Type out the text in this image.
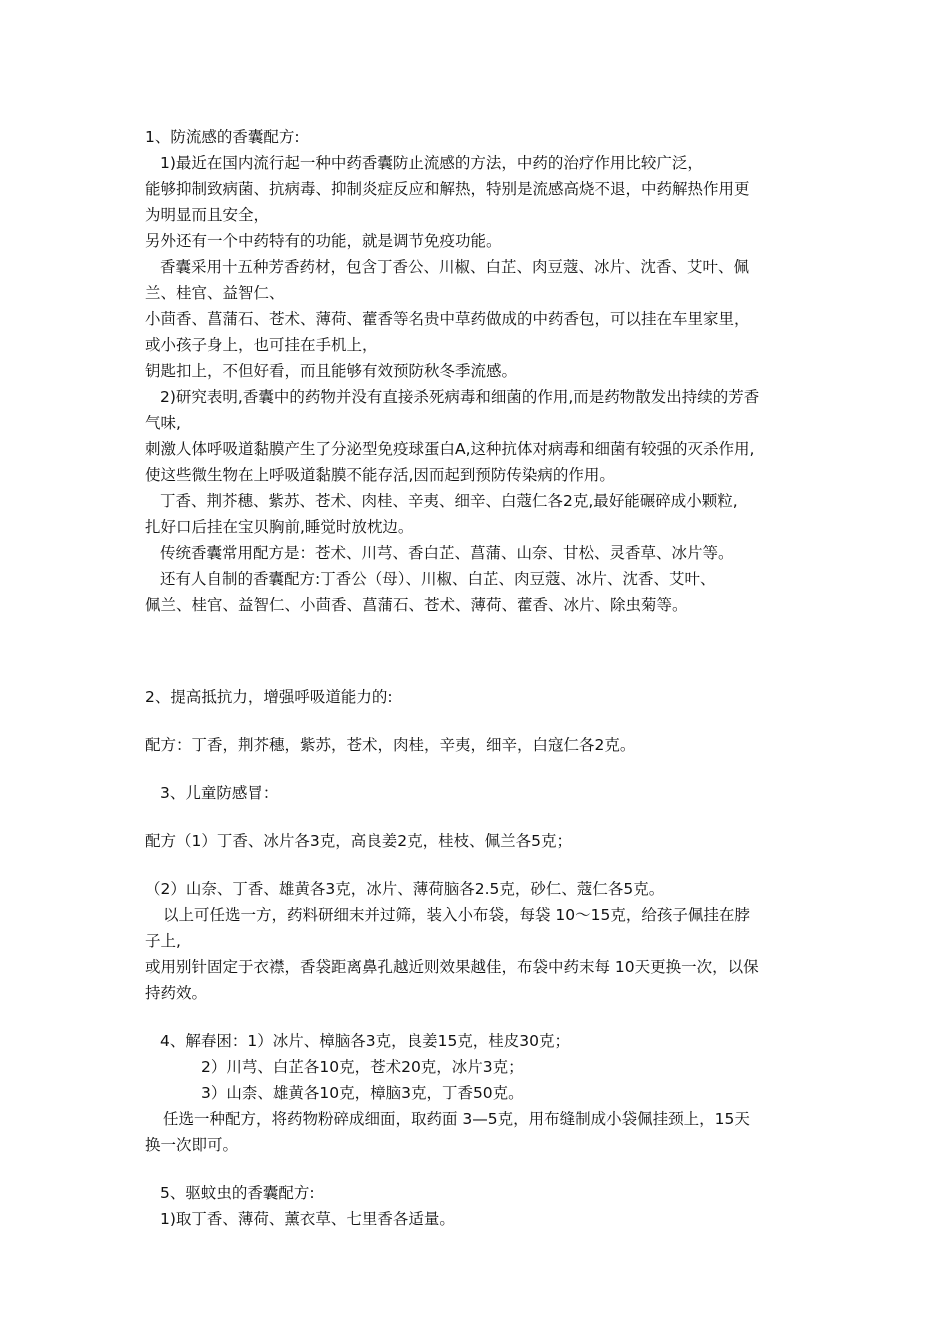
1、防流感的香囊配方:
1)最近在国内流行起一种中药香囊防止流感的方法，中药的治疗作用比较广泛，
能够抑制致病菌、抗病毒、抑制炎症反应和解热，特别是流感高烧不退，中药解热作用更
为明显而且安全，
另外还有一个中药特有的功能，就是调节免疫功能。
香囊采用十五种芳香药材，包含丁香公、川椒、白芷、肉豆蔻、冰片、沈香、艾叶、佩
兰、桂官、益智仁、
小茴香、菖蒲石、苍术、薄荷、藿香等名贵中草药做成的中药香包，可以挂在车里家里，
或小孩子身上，也可挂在手机上，
钥匙扣上，不但好看，而且能够有效预防秋冬季流感。
2)研究表明,香囊中的药物并没有直接杀死病毒和细菌的作用,而是药物散发出持续的芳香
气味,
刺激人体呼吸道黏膜产生了分泌型免疫球蛋白A,这种抗体对病毒和细菌有较强的灭杀作用,
使这些微生物在上呼吸道黏膜不能存活,因而起到预防传染病的作用。
丁香、荆芥穗、紫苏、苍术、肉桂、辛夷、细辛、白蔻仁各2克,最好能碾碎成小颗粒,
扎好口后挂在宝贝胸前,睡觉时放枕边。
传统香囊常用配方是：苍术、川芎、香白芷、菖蒲、山奈、甘松、灵香草、冰片等。
还有人自制的香囊配方:丁香公（母）、川椒、白芷、肉豆蔻、冰片、沈香、艾叶、
佩兰、桂官、益智仁、小茴香、菖蒲石、苍术、薄荷、藿香、冰片、除虫菊等。
2、提高抵抗力，增强呼吸道能力的:
配方：丁香，荆芥穗，紫苏，苍术，肉桂，辛夷，细辛，白寇仁各2克。
3、儿童防感冒：
配方（1）丁香、冰片各3克，高良姜2克，桂枝、佩兰各5克；
（2）山奈、丁香、雄黄各3克，冰片、薄荷脑各2.5克，砂仁、蔻仁各5克。
以上可任选一方，药料研细末并过筛，装入小布袋，每袋 10～15克，给孩子佩挂在脖
子上,
或用别针固定于衣襟，香袋距离鼻孔越近则效果越佳，布袋中药末每 10天更换一次，以保
持药效。
4、解春困：1）冰片、樟脑各3克，良姜15克，桂皮30克；
2）川芎、白芷各10克，苍术20克，冰片3克；
3）山柰、雄黄各10克，樟脑3克，丁香50克。
任选一种配方，将药物粉碎成细面，取药面 3—5克，用布缝制成小袋佩挂颈上，15天
换一次即可。
5、驱蚊虫的香囊配方:
1)取丁香、薄荷、薰衣草、七里香各适量。
